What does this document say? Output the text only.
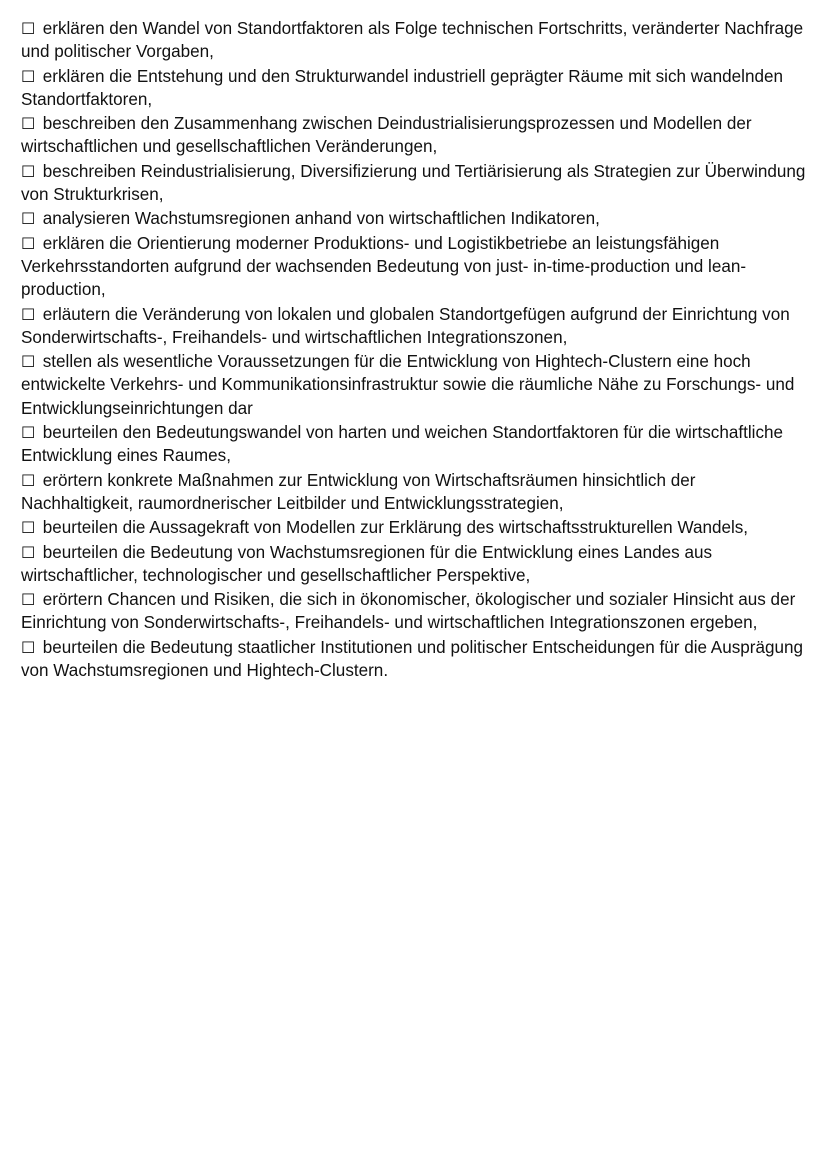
☐ erklären den Wandel von Standortfaktoren als Folge technischen Fortschritts, veränderter Nachfrage und politischer Vorgaben,
☐ erklären die Entstehung und den Strukturwandel industriell geprägter Räume mit sich wandelnden Standortfaktoren,
☐ beschreiben den Zusammenhang zwischen Deindustrialisierungsprozessen und Modellen der wirtschaftlichen und gesellschaftlichen Veränderungen,
☐ beschreiben Reindustrialisierung, Diversifizierung und Tertiärisierung als Strategien zur Überwindung von Strukturkrisen,
☐ analysieren Wachstumsregionen anhand von wirtschaftlichen Indikatoren,
☐ erklären die Orientierung moderner Produktions- und Logistikbetriebe an leistungsfähigen Verkehrsstandorten aufgrund der wachsenden Bedeutung von just- in-time-production und lean-production,
☐ erläutern die Veränderung von lokalen und globalen Standortgefügen aufgrund der Einrichtung von Sonderwirtschafts-, Freihandels- und wirtschaftlichen Integrationszonen,
☐ stellen als wesentliche Voraussetzungen für die Entwicklung von Hightech-Clustern eine hoch entwickelte Verkehrs- und Kommunikationsinfrastruktur sowie die räumliche Nähe zu Forschungs- und Entwicklungseinrichtungen dar
☐ beurteilen den Bedeutungswandel von harten und weichen Standortfaktoren für die wirtschaftliche Entwicklung eines Raumes,
☐ erörtern konkrete Maßnahmen zur Entwicklung von Wirtschaftsräumen hinsichtlich der Nachhaltigkeit, raumordnerischer Leitbilder und Entwicklungsstrategien,
☐ beurteilen die Aussagekraft von Modellen zur Erklärung des wirtschaftsstrukturellen Wandels,
☐ beurteilen die Bedeutung von Wachstumsregionen für die Entwicklung eines Landes aus wirtschaftlicher, technologischer und gesellschaftlicher Perspektive,
☐ erörtern Chancen und Risiken, die sich in ökonomischer, ökologischer und sozialer Hinsicht aus der Einrichtung von Sonderwirtschafts-, Freihandels- und wirtschaftlichen Integrationszonen ergeben,
☐ beurteilen die Bedeutung staatlicher Institutionen und politischer Entscheidungen für die Ausprägung von Wachstumsregionen und Hightech-Clustern.
